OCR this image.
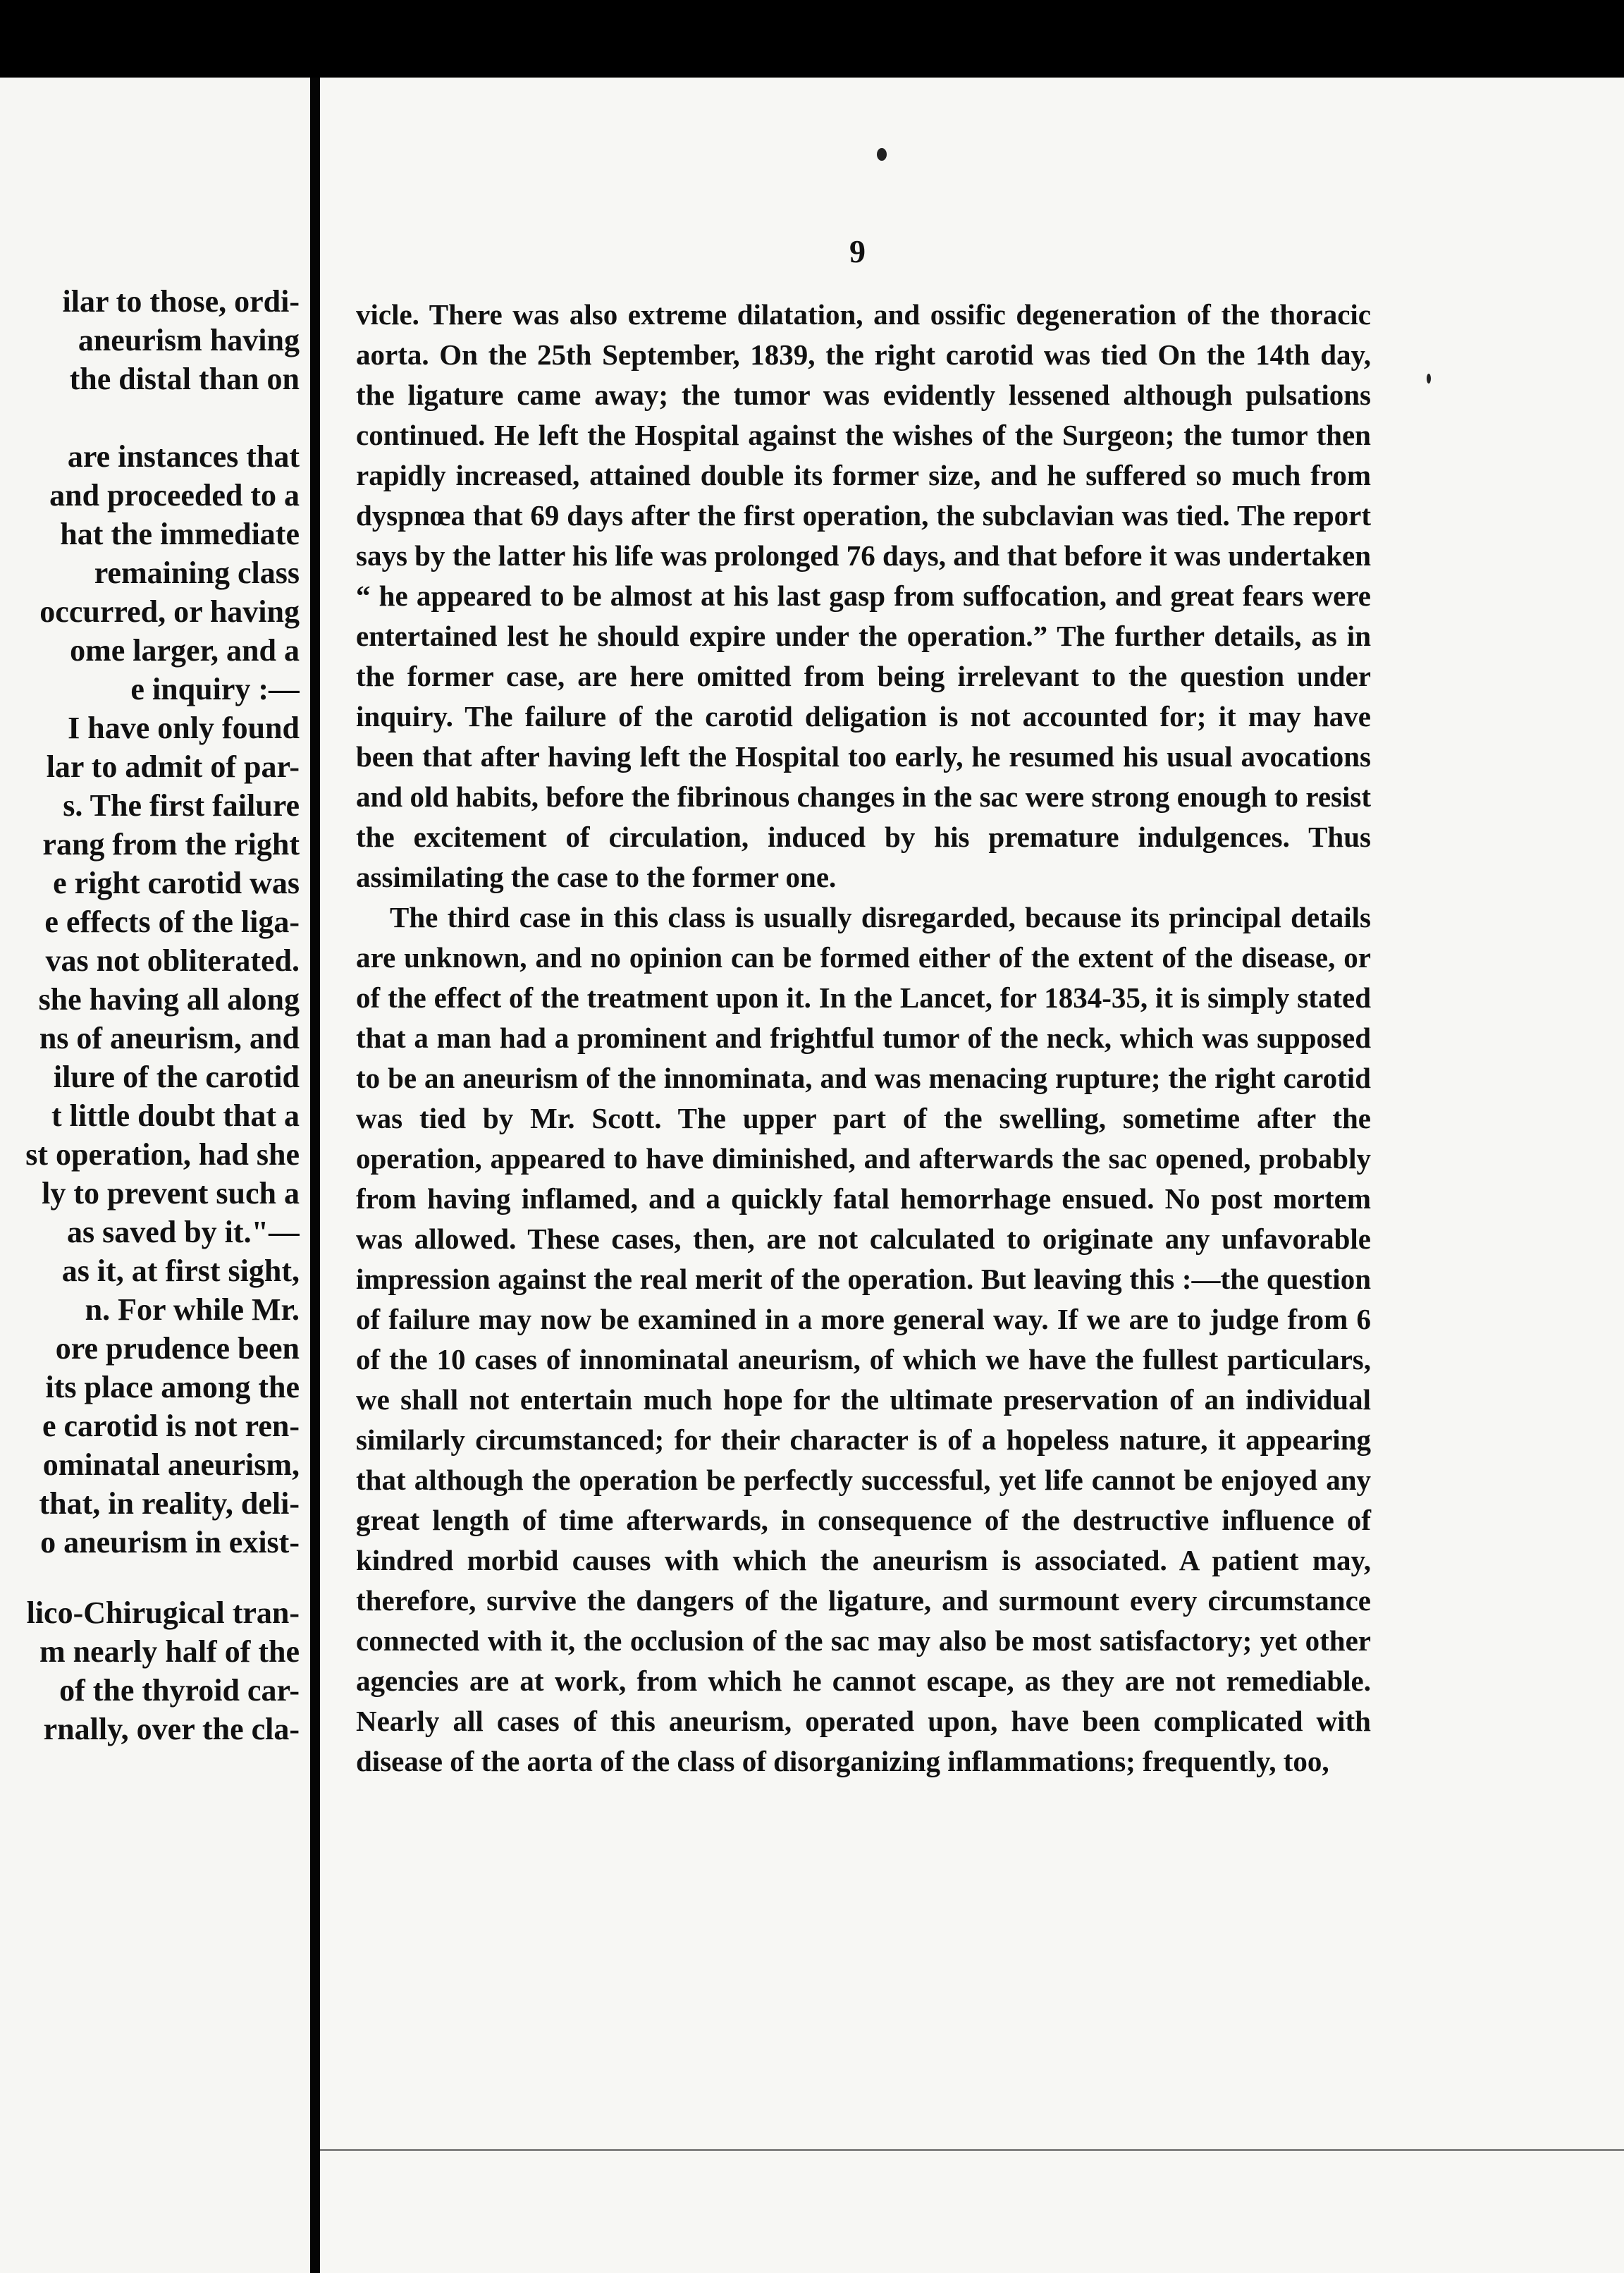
ilar to those, ordi-
aneurism having
the distal than on
are instances that
and proceeded to a
hat the immediate
remaining class
occurred, or having
ome larger, and a
e inquiry :—
I have only found
lar to admit of par-
s. The first failure
rang from the right
e right carotid was
e effects of the liga-
vas not obliterated.
she having all along
ns of aneurism, and
ilure of the carotid
t little doubt that a
st operation, had she
ly to prevent such a
as saved by it."—
as it, at first sight,
n. For while Mr.
ore prudence been
its place among the
e carotid is not ren-
ominatal aneurism,
that, in reality, deli-
o aneurism in exist-
lico-Chirugical tran-
m nearly half of the
of the thyroid car-
rnally, over the cla-
9

vicle. There was also extreme dilatation, and ossific degeneration of the thoracic aorta. On the 25th September, 1839, the right carotid was tied On the 14th day, the ligature came away; the tumor was evidently lessened although pulsations continued. He left the Hospital against the wishes of the Surgeon; the tumor then rapidly increased, attained double its former size, and he suffered so much from dyspnœa that 69 days after the first operation, the subclavian was tied. The report says by the latter his life was prolonged 76 days, and that before it was undertaken “ he appeared to be almost at his last gasp from suffocation, and great fears were entertained lest he should expire under the operation.” The further details, as in the former case, are here omitted from being irrelevant to the question under inquiry. The failure of the carotid deligation is not accounted for; it may have been that after having left the Hospital too early, he resumed his usual avocations and old habits, before the fibrinous changes in the sac were strong enough to resist the excitement of circulation, induced by his premature indulgences. Thus assimilating the case to the former one.

The third case in this class is usually disregarded, because its principal details are unknown, and no opinion can be formed either of the extent of the disease, or of the effect of the treatment upon it. In the Lancet, for 1834-35, it is simply stated that a man had a prominent and frightful tumor of the neck, which was supposed to be an aneurism of the innominata, and was menacing rupture; the right carotid was tied by Mr. Scott. The upper part of the swelling, sometime after the operation, appeared to have diminished, and afterwards the sac opened, probably from having inflamed, and a quickly fatal hemorrhage ensued. No post mortem was allowed. These cases, then, are not calculated to originate any unfavorable impression against the real merit of the operation. But leaving this :—the question of failure may now be examined in a more general way. If we are to judge from 6 of the 10 cases of innominatal aneurism, of which we have the fullest particulars, we shall not entertain much hope for the ultimate preservation of an individual similarly circumstanced; for their character is of a hopeless nature, it appearing that although the operation be perfectly successful, yet life cannot be enjoyed any great length of time afterwards, in consequence of the destructive influence of kindred morbid causes with which the aneurism is associated. A patient may, therefore, survive the dangers of the ligature, and surmount every circumstance connected with it, the occlusion of the sac may also be most satisfactory; yet other agencies are at work, from which he cannot escape, as they are not remediable. Nearly all cases of this aneurism, operated upon, have been complicated with disease of the aorta of the class of disorganizing inflammations; frequently, too,
